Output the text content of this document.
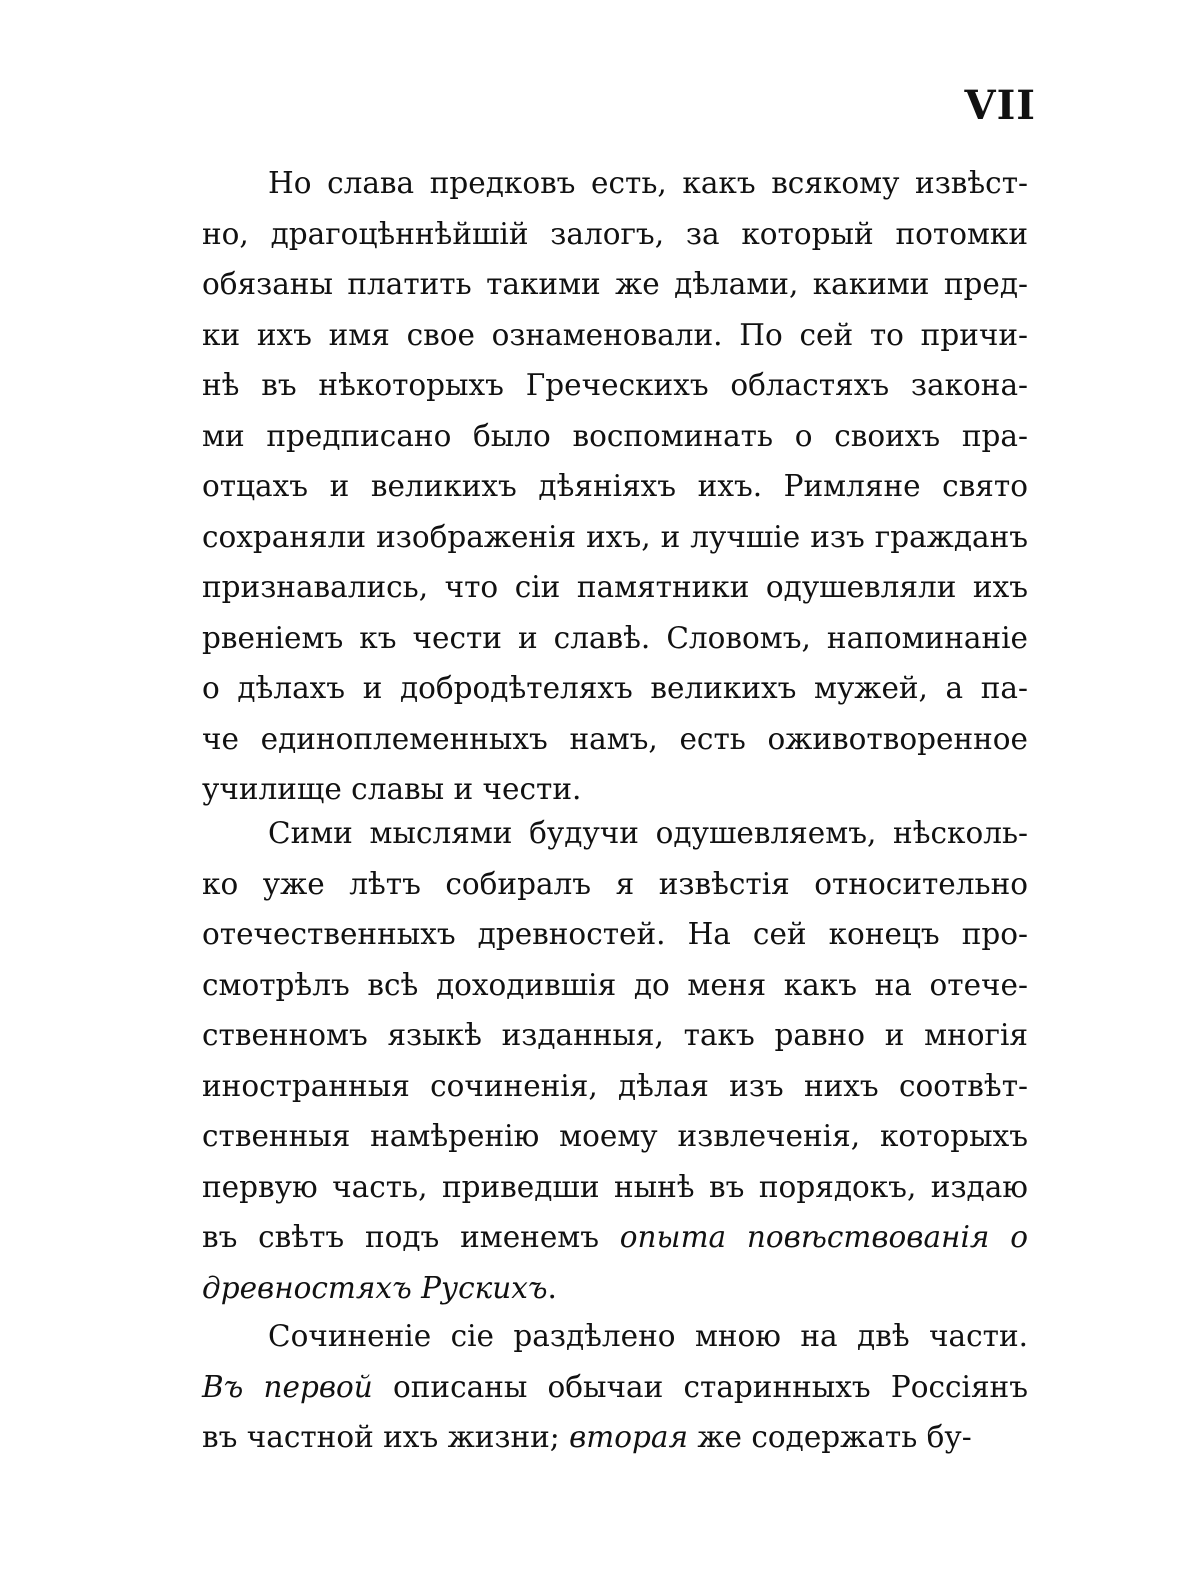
VII
Но слава предковъ есть, какъ всякому извѣст-
но, драгоцѣннѣйшій залогъ, за который потомки
обязаны платить такими же дѣлами, какими пред-
ки ихъ имя свое ознаменовали. По сей то причи-
нѣ въ нѣкоторыхъ Греческихъ областяхъ закона-
ми предписано было воспоминать о своихъ пра-
отцахъ и великихъ дѣяніяхъ ихъ. Римляне свято
сохраняли изображенія ихъ, и лучшіе изъ гражданъ
признавались, что сіи памятники одушевляли ихъ
рвеніемъ къ чести и славѣ. Словомъ, напоминаніе
о дѣлахъ и добродѣтеляхъ великихъ мужей, а па-
че единоплеменныхъ намъ, есть оживотворенное
училище славы и чести.
Сими мыслями будучи одушевляемъ, нѣсколь-
ко уже лѣтъ собиралъ я извѣстія относительно
отечественныхъ древностей. На сей конецъ про-
смотрѣлъ всѣ доходившія до меня какъ на отече-
ственномъ языкѣ изданныя, такъ равно и многія
иностранныя сочиненія, дѣлая изъ нихъ соотвѣт-
ственныя намѣренію моему извлеченія, которыхъ
первую часть, приведши нынѣ въ порядокъ, издаю
въ свѣтъ подъ именемъ опыта повѣствованія о
древностяхъ Рускихъ.
Сочиненіе сіе раздѣлено мною на двѣ части.
Въ первой описаны обычаи старинныхъ Россіянъ
въ частной ихъ жизни; вторая же содержать бу-
